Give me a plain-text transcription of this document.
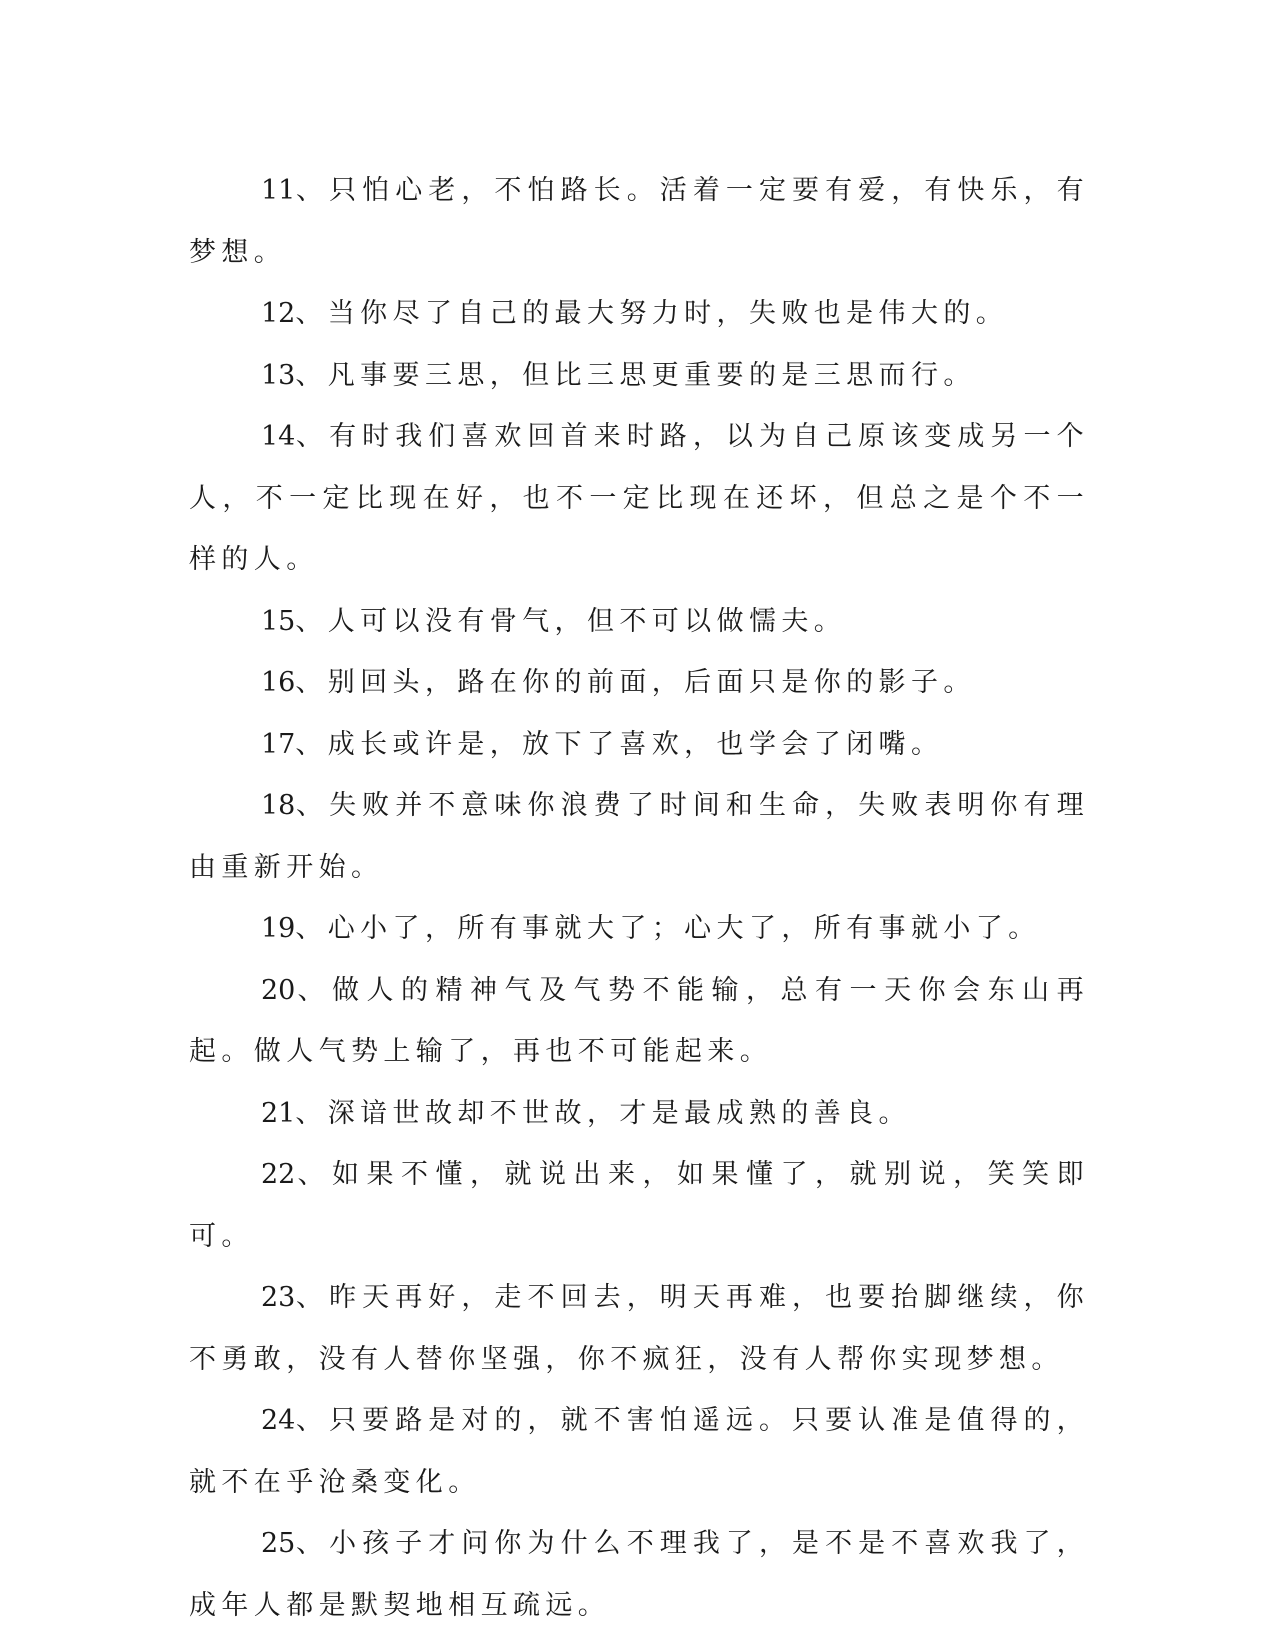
11、只怕心老，不怕路长。活着一定要有爱，有快乐，有梦想。

12、当你尽了自己的最大努力时，失败也是伟大的。

13、凡事要三思，但比三思更重要的是三思而行。

14、有时我们喜欢回首来时路，以为自己原该变成另一个人，不一定比现在好，也不一定比现在还坏，但总之是个不一样的人。

15、人可以没有骨气，但不可以做懦夫。

16、别回头，路在你的前面，后面只是你的影子。

17、成长或许是，放下了喜欢，也学会了闭嘴。

18、失败并不意味你浪费了时间和生命，失败表明你有理由重新开始。

19、心小了，所有事就大了；心大了，所有事就小了。

20、做人的精神气及气势不能输，总有一天你会东山再起。做人气势上输了，再也不可能起来。

21、深谙世故却不世故，才是最成熟的善良。

22、如果不懂，就说出来，如果懂了，就别说，笑笑即可。

23、昨天再好，走不回去，明天再难，也要抬脚继续，你不勇敢，没有人替你坚强，你不疯狂，没有人帮你实现梦想。

24、只要路是对的，就不害怕遥远。只要认准是值得的，就不在乎沧桑变化。

25、小孩子才问你为什么不理我了，是不是不喜欢我了，成年人都是默契地相互疏远。
